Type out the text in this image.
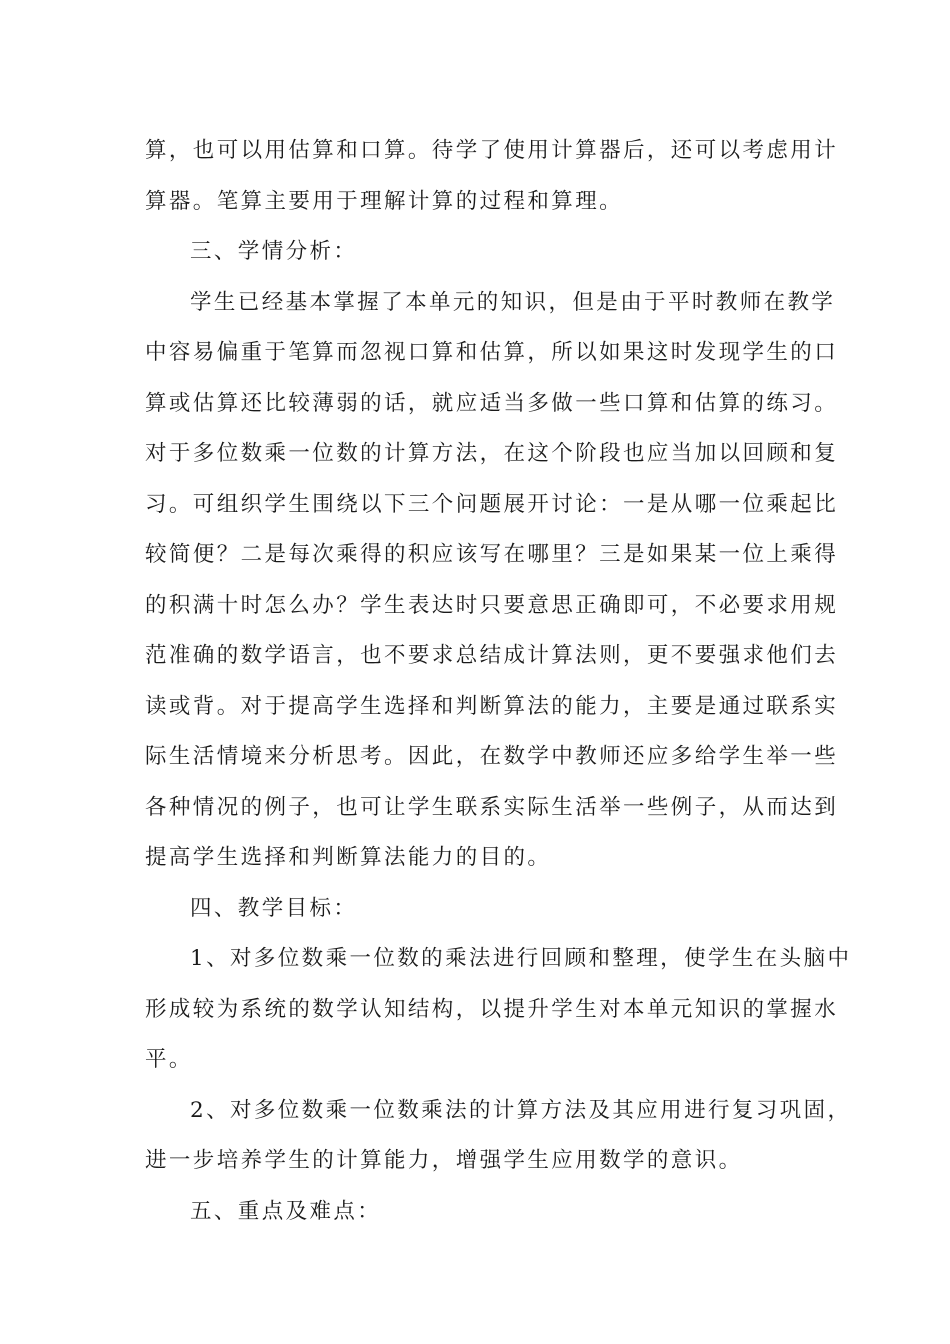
算，也可以用估算和口算。待学了使用计算器后，还可以考虑用计
算器。笔算主要用于理解计算的过程和算理。
三、学情分析：
学生已经基本掌握了本单元的知识，但是由于平时教师在教学
中容易偏重于笔算而忽视口算和估算，所以如果这时发现学生的口
算或估算还比较薄弱的话，就应适当多做一些口算和估算的练习。
对于多位数乘一位数的计算方法，在这个阶段也应当加以回顾和复
习。可组织学生围绕以下三个问题展开讨论：一是从哪一位乘起比
较简便？二是每次乘得的积应该写在哪里？三是如果某一位上乘得
的积满十时怎么办？学生表达时只要意思正确即可，不必要求用规
范准确的数学语言，也不要求总结成计算法则，更不要强求他们去
读或背。对于提高学生选择和判断算法的能力，主要是通过联系实
际生活情境来分析思考。因此，在数学中教师还应多给学生举一些
各种情况的例子，也可让学生联系实际生活举一些例子，从而达到
提高学生选择和判断算法能力的目的。
四、教学目标：
1、对多位数乘一位数的乘法进行回顾和整理，使学生在头脑中
形成较为系统的数学认知结构，以提升学生对本单元知识的掌握水
平。
2、对多位数乘一位数乘法的计算方法及其应用进行复习巩固，
进一步培养学生的计算能力，增强学生应用数学的意识。
五、重点及难点：
